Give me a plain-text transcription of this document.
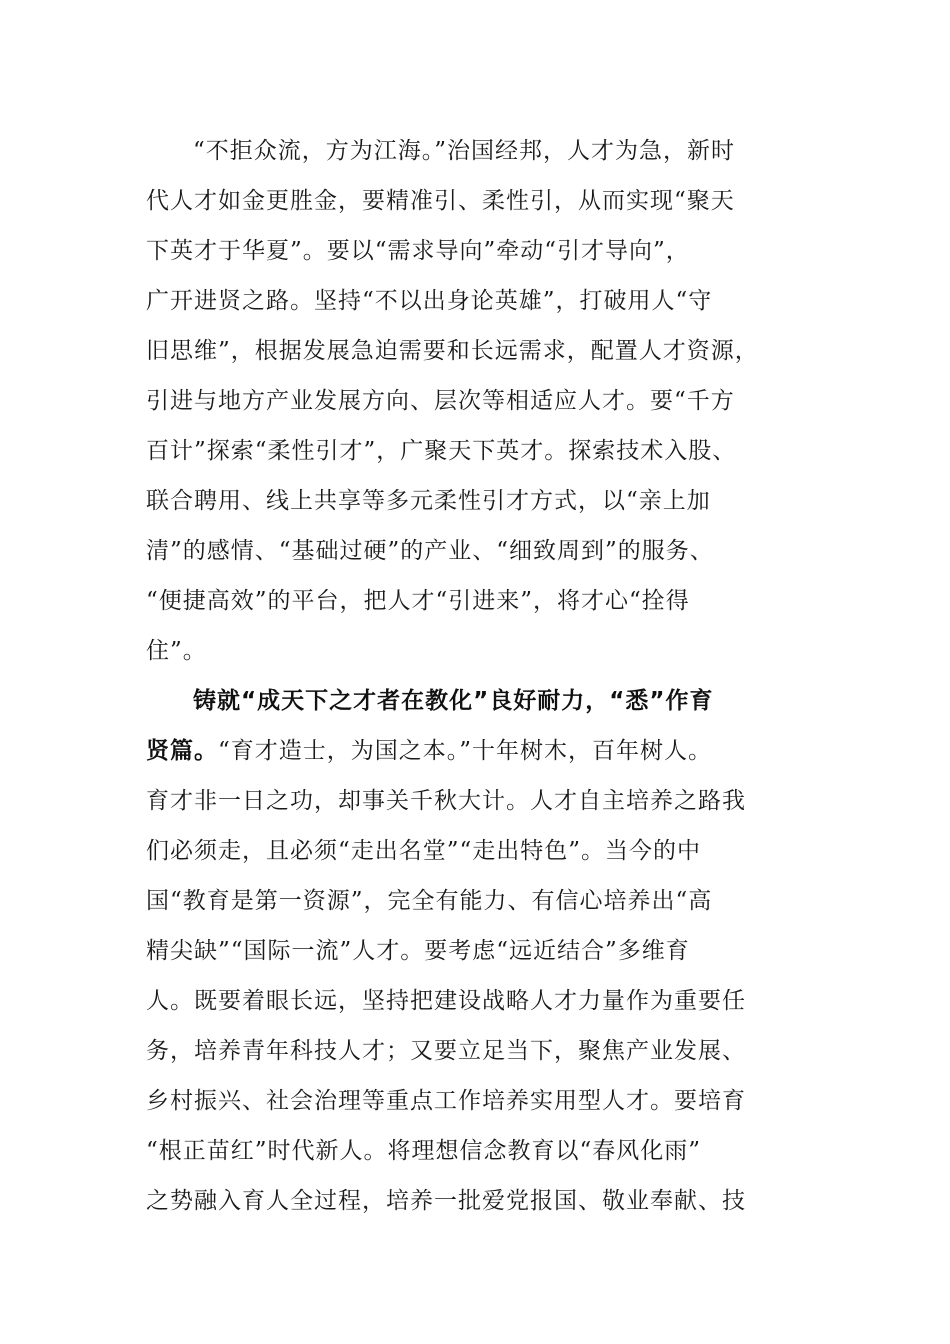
“不拒众流，方为江海。”治国经邦，人才为急，新时
代人才如金更胜金，要精准引、柔性引，从而实现“聚天
下英才于华夏”。要以“需求导向”牵动“引才导向”，
广开进贤之路。坚持“不以出身论英雄”，打破用人“守
旧思维”，根据发展急迫需要和长远需求，配置人才资源，
引进与地方产业发展方向、层次等相适应人才。要“千方
百计”探索“柔性引才”，广聚天下英才。探索技术入股、
联合聘用、线上共享等多元柔性引才方式，以“亲上加
清”的感情、“基础过硬”的产业、“细致周到”的服务、
“便捷高效”的平台，把人才“引进来”，将才心“拴得
住”。
铸就“成天下之才者在教化”良好耐力，“悉”作育
贤篇。“育才造士，为国之本。”十年树木，百年树人。
育才非一日之功，却事关千秋大计。人才自主培养之路我
们必须走，且必须“走出名堂”“走出特色”。当今的中
国“教育是第一资源”，完全有能力、有信心培养出“高
精尖缺”“国际一流”人才。要考虑“远近结合”多维育
人。既要着眼长远，坚持把建设战略人才力量作为重要任
务，培养青年科技人才；又要立足当下，聚焦产业发展、
乡村振兴、社会治理等重点工作培养实用型人才。要培育
“根正苗红”时代新人。将理想信念教育以“春风化雨”
之势融入育人全过程，培养一批爱党报国、敬业奉献、技
